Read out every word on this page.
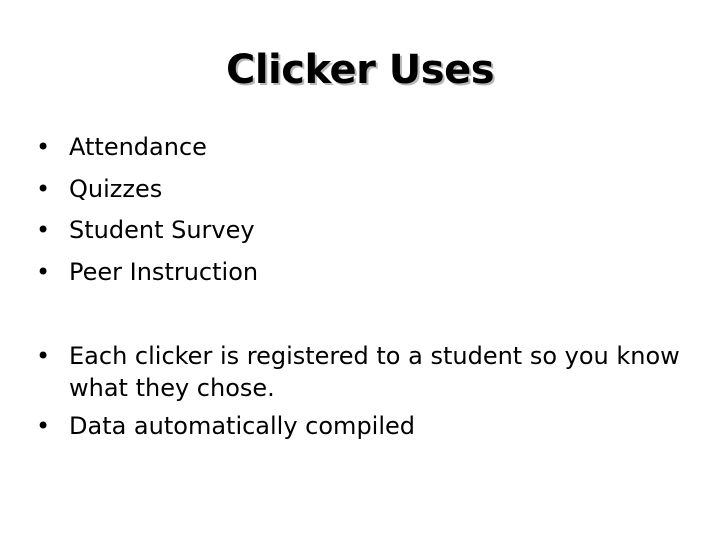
Clicker Uses
• Attendance
• Quizzes
• Student Survey
• Peer Instruction
• Each clicker is registered to a student so you know what they chose.
• Data automatically compiled
